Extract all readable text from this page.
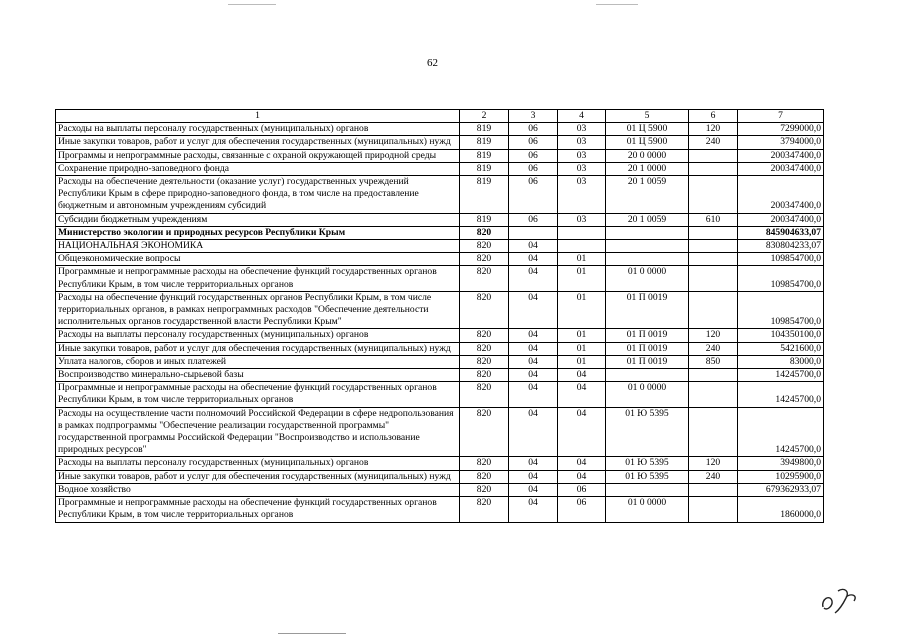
62
1	2	3	4	5	6	7
Расходы на выплаты персоналу государственных (муниципальных) органов	819	06	03	01 Ц 5900	120	7299000,0
Иные закупки товаров, работ и услуг для обеспечения государственных (муниципальных) нужд	819	06	03	01 Ц 5900	240	3794000,0
Программы и непрограммные расходы, связанные с охраной окружающей природной среды	819	06	03	20 0 0000		200347400,0
Сохранение природно-заповедного фонда	819	06	03	20 1 0000		200347400,0
Расходы на обеспечение деятельности (оказание услуг) государственных учреждений Республики Крым в сфере природно-заповедного фонда, в том числе на предоставление бюджетным и автономным учреждениям субсидий	819	06	03	20 1 0059		200347400,0
Субсидии бюджетным учреждениям	819	06	03	20 1 0059	610	200347400,0
Министерство экологии и природных ресурсов Республики Крым	820					845904633,07
НАЦИОНАЛЬНАЯ ЭКОНОМИКА	820	04				830804233,07
Общеэкономические вопросы	820	04	01			109854700,0
Программные и непрограммные расходы на обеспечение функций государственных органов Республики Крым, в том числе территориальных органов	820	04	01	01 0 0000		109854700,0
Расходы на обеспечение функций государственных органов Республики Крым, в том числе территориальных органов, в рамках непрограммных расходов "Обеспечение деятельности исполнительных органов государственной власти Республики Крым"	820	04	01	01 П 0019		109854700,0
Расходы на выплаты персоналу государственных (муниципальных) органов	820	04	01	01 П 0019	120	104350100,0
Иные закупки товаров, работ и услуг для обеспечения государственных (муниципальных) нужд	820	04	01	01 П 0019	240	5421600,0
Уплата налогов, сборов и иных платежей	820	04	01	01 П 0019	850	83000,0
Воспроизводство минерально-сырьевой базы	820	04	04			14245700,0
Программные и непрограммные расходы на обеспечение функций государственных органов Республики Крым, в том числе территориальных органов	820	04	04	01 0 0000		14245700,0
Расходы на осуществление части полномочий Российской Федерации в сфере недропользования в рамках подпрограммы "Обеспечение реализации государственной программы" государственной программы Российской Федерации "Воспроизводство и использование природных ресурсов"	820	04	04	01 Ю 5395		14245700,0
Расходы на выплаты персоналу государственных (муниципальных) органов	820	04	04	01 Ю 5395	120	3949800,0
Иные закупки товаров, работ и услуг для обеспечения государственных (муниципальных) нужд	820	04	04	01 Ю 5395	240	10295900,0
Водное хозяйство	820	04	06			679362933,07
Программные и непрограммные расходы на обеспечение функций государственных органов Республики Крым, в том числе территориальных органов	820	04	06	01 0 0000		1860000,0
